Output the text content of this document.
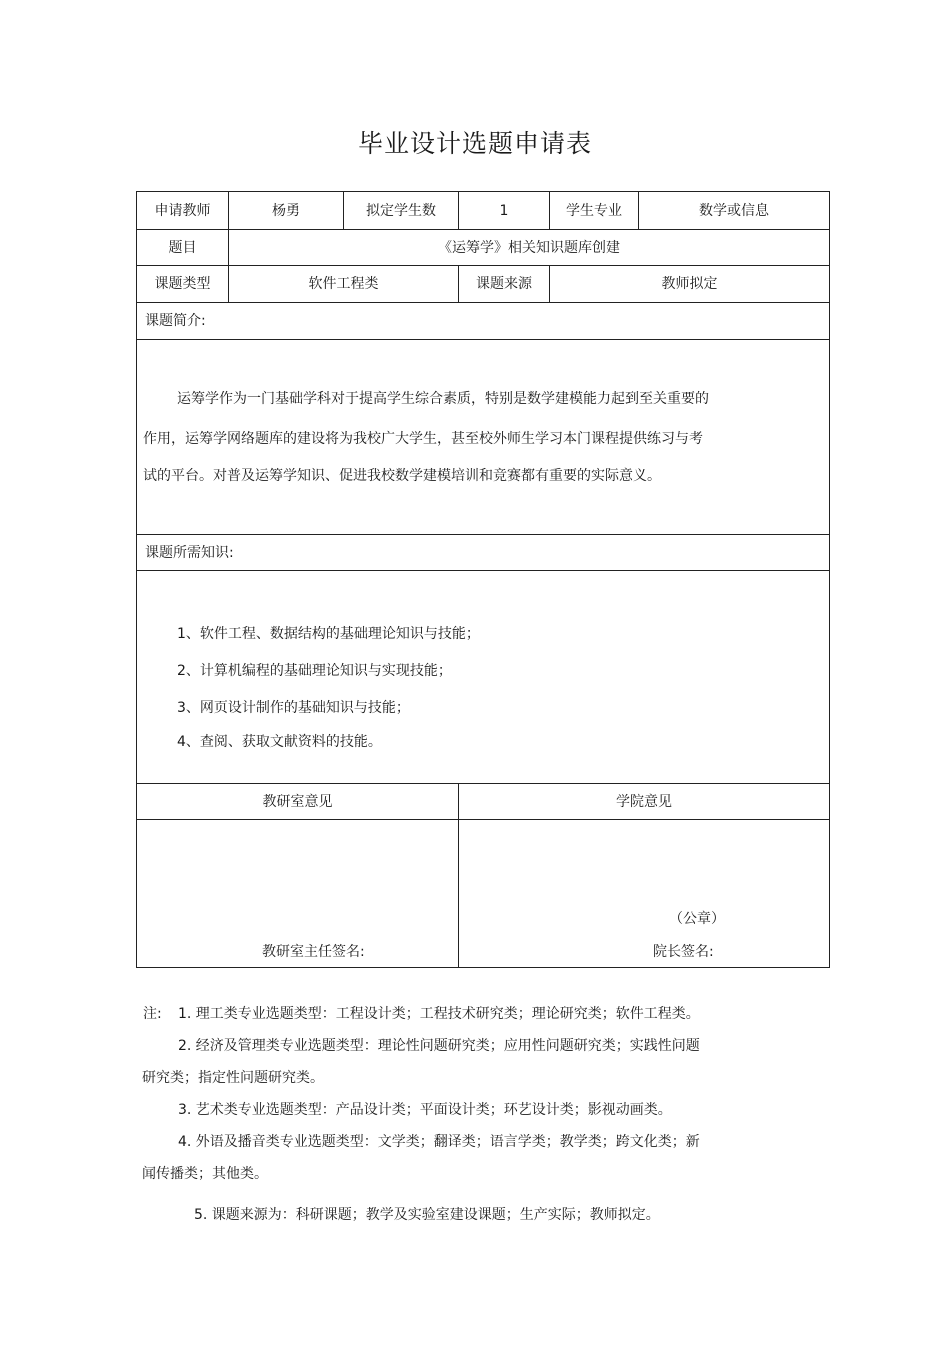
毕业设计选题申请表
申请教师	杨勇	拟定学生数	1	学生专业	数学或信息
题目	《运筹学》相关知识题库创建
课题类型	软件工程类	课题来源	教师拟定
课题简介:
运筹学作为一门基础学科对于提高学生综合素质，特别是数学建模能力起到至关重要的
作用，运筹学网络题库的建设将为我校广大学生，甚至校外师生学习本门课程提供练习与考
试的平台。对普及运筹学知识、促进我校数学建模培训和竞赛都有重要的实际意义。
课题所需知识:
1、软件工程、数据结构的基础理论知识与技能；
2、计算机编程的基础理论知识与实现技能；
3、网页设计制作的基础知识与技能；
4、查阅、获取文献资料的技能。
教研室意见	学院意见
（公章）
教研室主任签名:	院长签名:
注: 1. 理工类专业选题类型：工程设计类；工程技术研究类；理论研究类；软件工程类。
2. 经济及管理类专业选题类型：理论性问题研究类；应用性问题研究类；实践性问题
研究类；指定性问题研究类。
3. 艺术类专业选题类型：产品设计类；平面设计类；环艺设计类；影视动画类。
4. 外语及播音类专业选题类型：文学类；翻译类；语言学类；教学类；跨文化类；新
闻传播类；其他类。
5. 课题来源为：科研课题；教学及实验室建设课题；生产实际；教师拟定。
